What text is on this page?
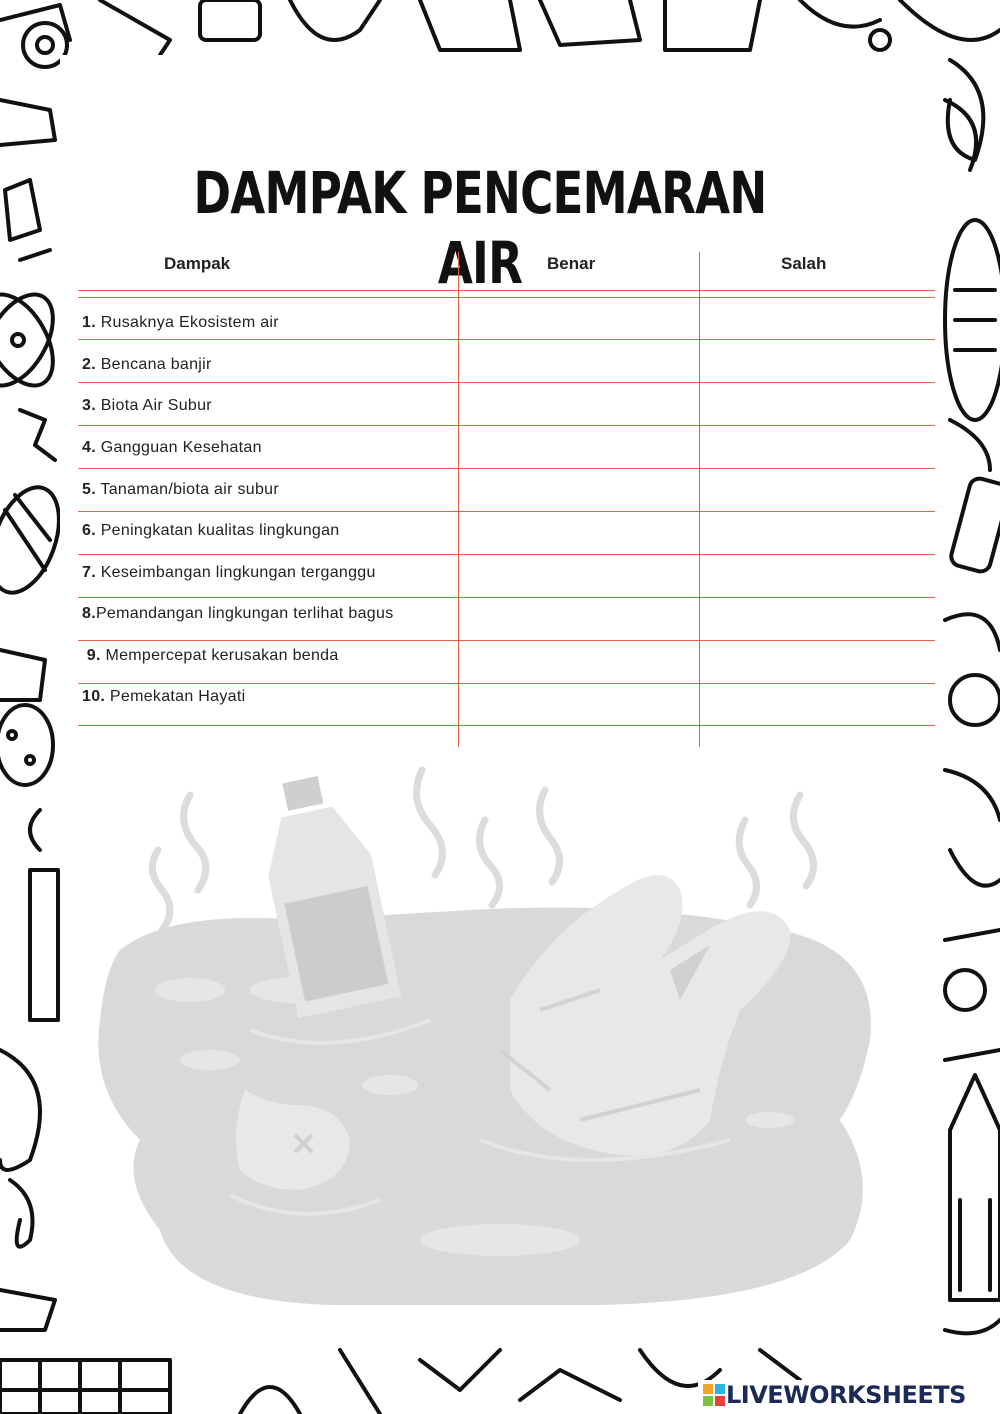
DAMPAK PENCEMARAN AIR
Dampak	Benar	Salah
1. Rusaknya Ekosistem air
2. Bencana banjir
3. Biota Air Subur
4. Gangguan Kesehatan
5. Tanaman/biota air subur
6. Peningkatan kualitas lingkungan
7. Keseimbangan lingkungan terganggu
8.Pemandangan lingkungan terlihat bagus
9. Mempercepat kerusakan benda
10. Pemekatan Hayati
LIVEWORKSHEETS
